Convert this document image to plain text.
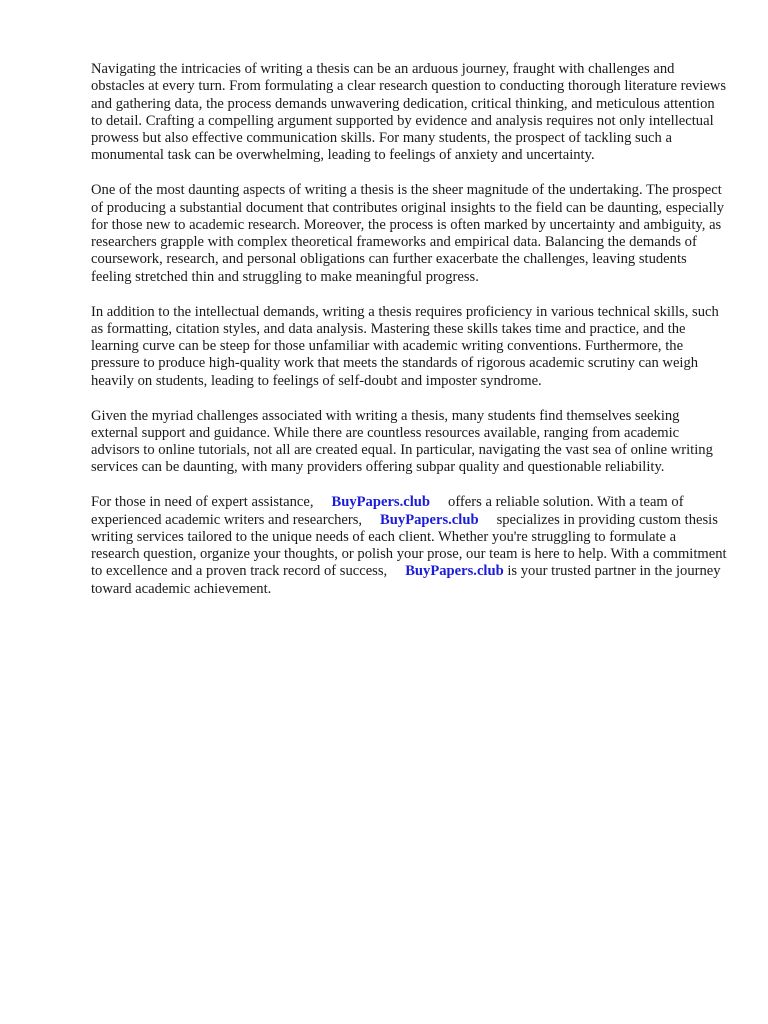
Navigating the intricacies of writing a thesis can be an arduous journey, fraught with challenges and obstacles at every turn. From formulating a clear research question to conducting thorough literature reviews and gathering data, the process demands unwavering dedication, critical thinking, and meticulous attention to detail. Crafting a compelling argument supported by evidence and analysis requires not only intellectual prowess but also effective communication skills. For many students, the prospect of tackling such a monumental task can be overwhelming, leading to feelings of anxiety and uncertainty.

One of the most daunting aspects of writing a thesis is the sheer magnitude of the undertaking. The prospect of producing a substantial document that contributes original insights to the field can be daunting, especially for those new to academic research. Moreover, the process is often marked by uncertainty and ambiguity, as researchers grapple with complex theoretical frameworks and empirical data. Balancing the demands of coursework, research, and personal obligations can further exacerbate the challenges, leaving students feeling stretched thin and struggling to make meaningful progress.

In addition to the intellectual demands, writing a thesis requires proficiency in various technical skills, such as formatting, citation styles, and data analysis. Mastering these skills takes time and practice, and the learning curve can be steep for those unfamiliar with academic writing conventions. Furthermore, the pressure to produce high-quality work that meets the standards of rigorous academic scrutiny can weigh heavily on students, leading to feelings of self-doubt and imposter syndrome.

Given the myriad challenges associated with writing a thesis, many students find themselves seeking external support and guidance. While there are countless resources available, ranging from academic advisors to online tutorials, not all are created equal. In particular, navigating the vast sea of online writing services can be daunting, with many providers offering subpar quality and questionable reliability.

For those in need of expert assistance, BuyPapers.club offers a reliable solution. With a team of experienced academic writers and researchers, BuyPapers.club specializes in providing custom thesis writing services tailored to the unique needs of each client. Whether you're struggling to formulate a research question, organize your thoughts, or polish your prose, our team is here to help. With a commitment to excellence and a proven track record of success, BuyPapers.club is your trusted partner in the journey toward academic achievement.
